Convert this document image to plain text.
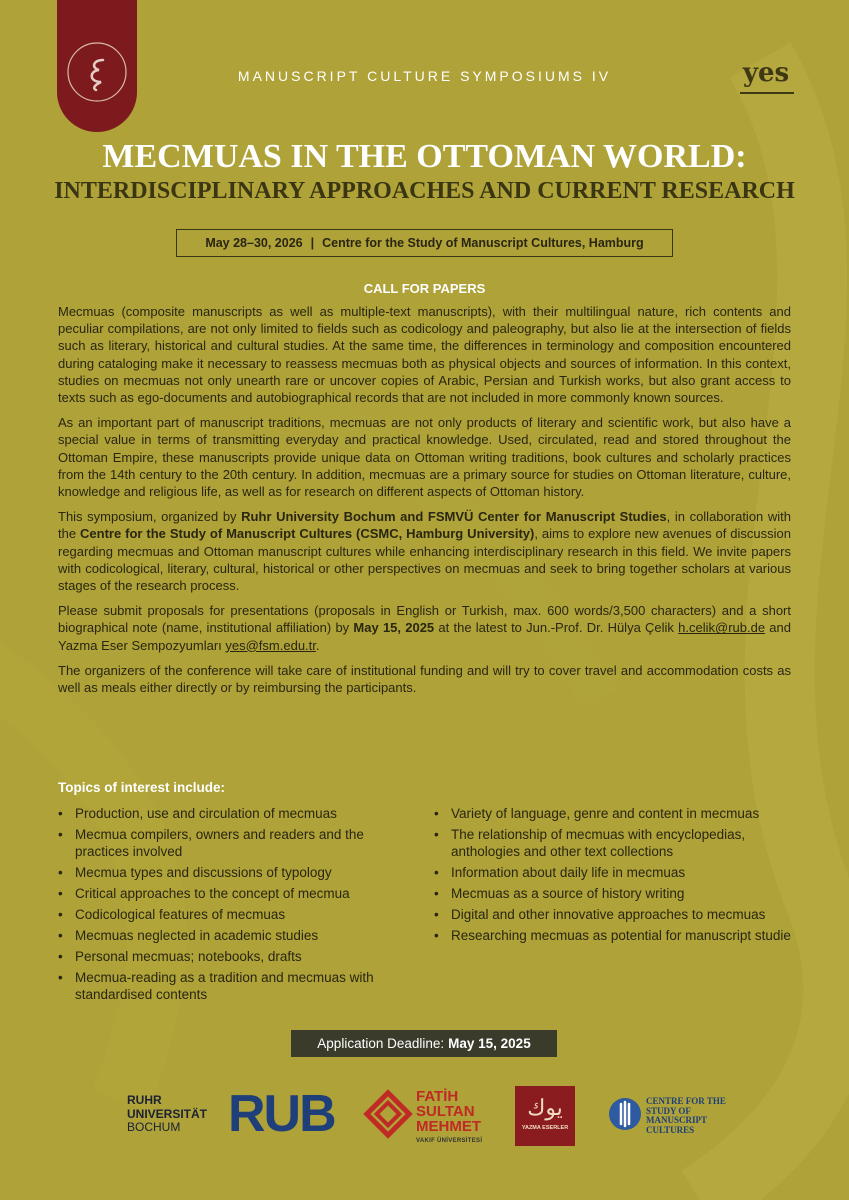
MANUSCRIPT CULTURE SYMPOSIUMS IV	yes
MECMUAS IN THE OTTOMAN WORLD:
INTERDISCIPLINARY APPROACHES AND CURRENT RESEARCH
May 28–30, 2026 | Centre for the Study of Manuscript Cultures, Hamburg
CALL FOR PAPERS

Mecmuas (composite manuscripts as well as multiple-text manuscripts), with their multilingual nature, rich contents and peculiar compilations, are not only limited to fields such as codicology and paleography, but also lie at the intersection of fields such as literary, historical and cultural studies. At the same time, the differences in terminology and composition encountered during cataloging make it necessary to reassess mecmuas both as physical objects and sources of information. In this context, studies on mecmuas not only unearth rare or uncover copies of Arabic, Persian and Turkish works, but also grant access to texts such as ego-documents and autobiographical records that are not included in more commonly known sources.

As an important part of manuscript traditions, mecmuas are not only products of literary and scientific work, but also have a special value in terms of transmitting everyday and practical knowledge. Used, circulated, read and stored throughout the Ottoman Empire, these manuscripts provide unique data on Ottoman writing traditions, book cultures and scholarly practices from the 14th century to the 20th century. In addition, mecmuas are a primary source for studies on Ottoman literature, culture, knowledge and religious life, as well as for research on different aspects of Ottoman history.

This symposium, organized by Ruhr University Bochum and FSMVÜ Center for Manuscript Studies, in collaboration with the Centre for the Study of Manuscript Cultures (CSMC, Hamburg University), aims to explore new avenues of discussion regarding mecmuas and Ottoman manuscript cultures while enhancing interdisciplinary research in this field. We invite papers with codicological, literary, cultural, historical or other perspectives on mecmuas and seek to bring together scholars at various stages of the research process.

Please submit proposals for presentations (proposals in English or Turkish, max. 600 words/3,500 characters) and a short biographical note (name, institutional affiliation) by May 15, 2025 at the latest to Jun.-Prof. Dr. Hülya Çelik h.celik@rub.de and Yazma Eser Sempozyumları yes@fsm.edu.tr.

The organizers of the conference will take care of institutional funding and will try to cover travel and accommodation costs as well as meals either directly or by reimbursing the participants.

Topics of interest include:
• Production, use and circulation of mecmuas
• Mecmua compilers, owners and readers and the practices involved
• Mecmua types and discussions of typology
• Critical approaches to the concept of mecmua
• Codicological features of mecmuas
• Mecmuas neglected in academic studies
• Personal mecmuas; notebooks, drafts
• Mecmua-reading as a tradition and mecmuas with standardised contents
• Variety of language, genre and content in mecmuas
• The relationship of mecmuas with encyclopedias, anthologies and other text collections
• Information about daily life in mecmuas
• Mecmuas as a source of history writing
• Digital and other innovative approaches to mecmuas
• Researching mecmuas as potential for manuscript studie
Application Deadline: May 15, 2025
RUHR
UNIVERSITÄT
BOCHUM RUB	FATİH
SULTAN
MEHMET
VAKIF ÜNİVERSİTESİ
ﻳﻮﻙ
YAZMA ESERLER
CENTRE FOR THE
STUDY OF
MANUSCRIPT
CULTURES
